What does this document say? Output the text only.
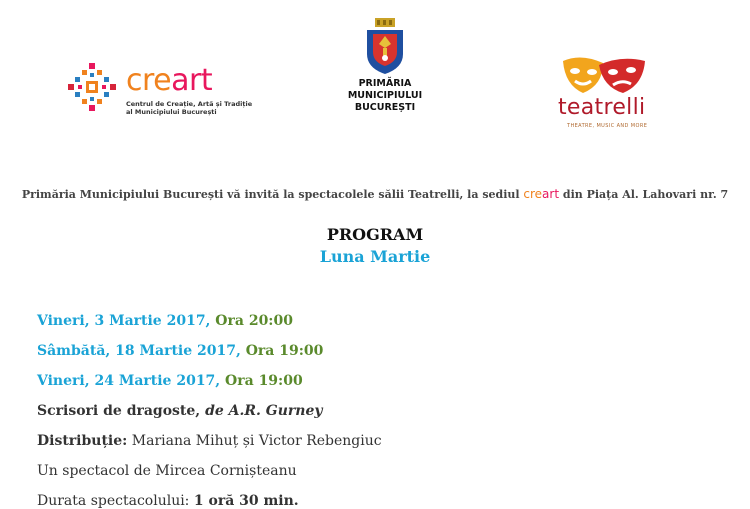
creart
Centrul de Creație, Artă și Tradiție
al Municipiului București
PRIMĂRIA
MUNICIPIULUI
BUCUREȘTI	teatrelli
THEATRE, MUSIC AND MORE
Primăria Municipiului București vă invită la spectacolele sălii Teatrelli, la sediul creart din Piața Al. Lahovari nr. 7
PROGRAM
Luna Martie
Vineri, 3 Martie 2017, Ora 20:00
Sâmbătă, 18 Martie 2017, Ora 19:00
Vineri, 24 Martie 2017, Ora 19:00
Scrisori de dragoste, de A.R. Gurney
Distribuție: Mariana Mihuț și Victor Rebengiuc
Un spectacol de Mircea Cornișteanu
Durata spectacolului: 1 oră 30 min.
